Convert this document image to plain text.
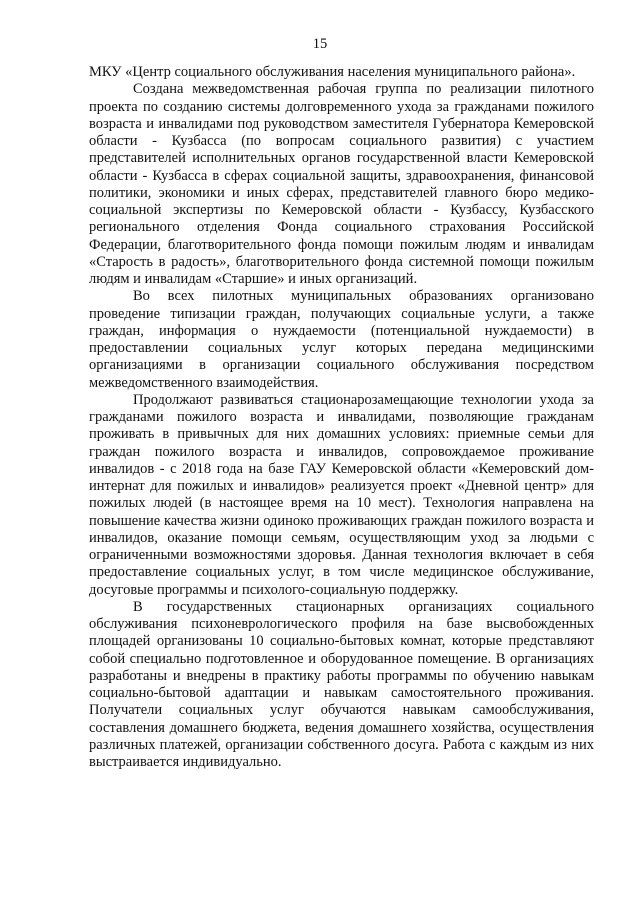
15

МКУ «Центр социального обслуживания населения муниципального района».

Создана межведомственная рабочая группа по реализации пилотного проекта по созданию системы долговременного ухода за гражданами пожилого возраста и инвалидами под руководством заместителя Губернатора Кемеровской области - Кузбасса (по вопросам социального развития) с участием представителей исполнительных органов государственной власти Кемеровской области - Кузбасса в сферах социальной защиты, здравоохранения, финансовой политики, экономики и иных сферах, представителей главного бюро медико-социальной экспертизы по Кемеровской области - Кузбассу, Кузбасского регионального отделения Фонда социального страхования Российской Федерации, благотворительного фонда помощи пожилым людям и инвалидам «Старость в радость», благотворительного фонда системной помощи пожилым людям и инвалидам «Старшие» и иных организаций.

Во всех пилотных муниципальных образованиях организовано проведение типизации граждан, получающих социальные услуги, а также граждан, информация о нуждаемости (потенциальной нуждаемости) в предоставлении социальных услуг которых передана медицинскими организациями в организации социального обслуживания посредством межведомственного взаимодействия.

Продолжают развиваться стационарозамещающие технологии ухода за гражданами пожилого возраста и инвалидами, позволяющие гражданам проживать в привычных для них домашних условиях: приемные семьи для граждан пожилого возраста и инвалидов, сопровождаемое проживание инвалидов - с 2018 года на базе ГАУ Кемеровской области «Кемеровский дом-интернат для пожилых и инвалидов» реализуется проект «Дневной центр» для пожилых людей (в настоящее время на 10 мест). Технология направлена на повышение качества жизни одиноко проживающих граждан пожилого возраста и инвалидов, оказание помощи семьям, осуществляющим уход за людьми с ограниченными возможностями здоровья. Данная технология включает в себя предоставление социальных услуг, в том числе медицинское обслуживание, досуговые программы и психолого-социальную поддержку.

В государственных стационарных организациях социального обслуживания психоневрологического профиля на базе высвобожденных площадей организованы 10 социально-бытовых комнат, которые представляют собой специально подготовленное и оборудованное помещение. В организациях разработаны и внедрены в практику работы программы по обучению навыкам социально-бытовой адаптации и навыкам самостоятельного проживания. Получатели социальных услуг обучаются навыкам самообслуживания, составления домашнего бюджета, ведения домашнего хозяйства, осуществления различных платежей, организации собственного досуга. Работа с каждым из них выстраивается индивидуально.
